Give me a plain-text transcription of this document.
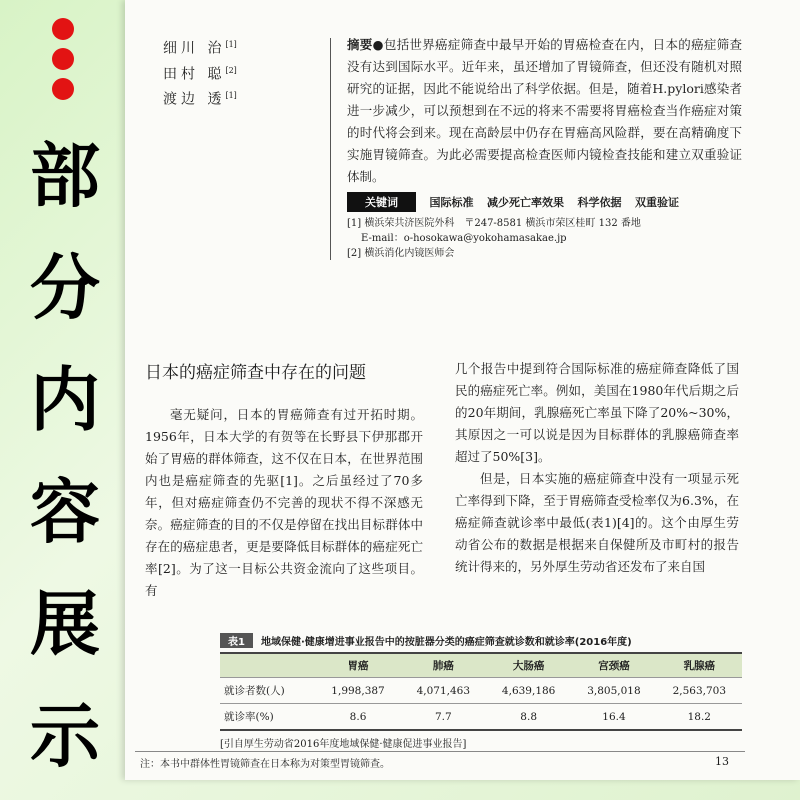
部
分
内
容
展
示
细川 治[1]
田村 聪[2]
渡边 透[1]
摘要●包括世界癌症筛查中最早开始的胃癌检查在内，日本的癌症筛查没有达到国际水平。近年来，虽还增加了胃镜筛查，但还没有随机对照研究的证据，因此不能说给出了科学依据。但是，随着H.pylori感染者进一步减少，可以预想到在不远的将来不需要将胃癌检查当作癌症对策的时代将会到来。现在高龄层中仍存在胃癌高风险群，要在高精确度下实施胃镜筛查。为此必需要提高检查医师内镜检查技能和建立双重验证体制。
关键词	国际标准 减少死亡率效果 科学依据 双重验证
[1] 横浜荣共济医院外科　〒247-8581 横浜市荣区桂町 132 番地
E-mail：o-hosokawa@yokohamasakae.jp
[2] 横浜消化内镜医师会
日本的癌症筛查中存在的问题

毫无疑问，日本的胃癌筛查有过开拓时期。1956年，日本大学的有贺等在长野县下伊那郡开始了胃癌的群体筛查，这不仅在日本，在世界范围内也是癌症筛查的先驱[1]。之后虽经过了70多年，但对癌症筛查仍不完善的现状不得不深感无奈。癌症筛查的目的不仅是停留在找出目标群体中存在的癌症患者，更是要降低目标群体的癌症死亡率[2]。为了这一目标公共资金流向了这些项目。有

几个报告中提到符合国际标准的癌症筛查降低了国民的癌症死亡率。例如，美国在1980年代后期之后的20年期间，乳腺癌死亡率虽下降了20%~30%，其原因之一可以说是因为目标群体的乳腺癌筛查率超过了50%[3]。

但是，日本实施的癌症筛查中没有一项显示死亡率得到下降，至于胃癌筛查受检率仅为6.3%，在癌症筛查就诊率中最低(表1)[4]的。这个由厚生劳动省公布的数据是根据来自保健所及市町村的报告统计得来的，另外厚生劳动省还发布了来自国

表1 地域保健·健康增进事业报告中的按脏器分类的癌症筛查就诊数和就诊率(2016年度)
	胃癌	肺癌	大肠癌	宫颈癌	乳腺癌
就诊者数(人)	1,998,387	4,071,463	4,639,186	3,805,018	2,563,703
就诊率(%)	8.6	7.7	8.8	16.4	18.2
[引自厚生劳动省2016年度地域保健·健康促进事业报告]
注：本书中群体性胃镜筛查在日本称为对策型胃镜筛查。	13
